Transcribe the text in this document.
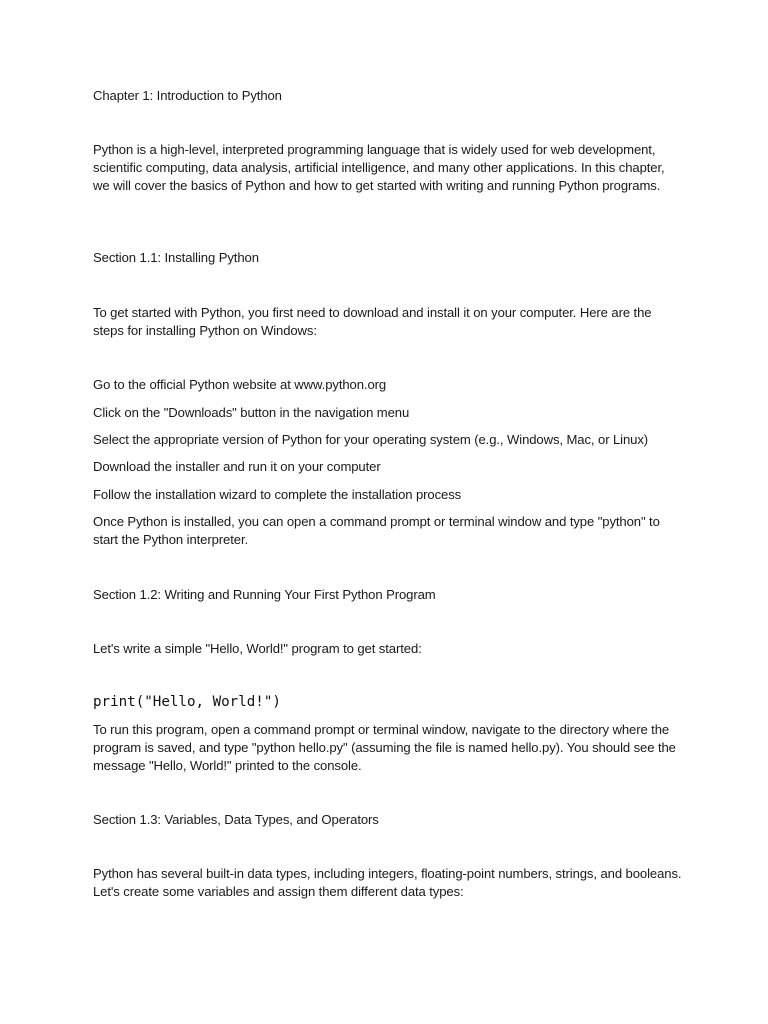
Chapter 1: Introduction to Python

Python is a high-level, interpreted programming language that is widely used for web development, scientific computing, data analysis, artificial intelligence, and many other applications. In this chapter, we will cover the basics of Python and how to get started with writing and running Python programs.

Section 1.1: Installing Python

To get started with Python, you first need to download and install it on your computer. Here are the steps for installing Python on Windows:

Go to the official Python website at www.python.org

Click on the "Downloads" button in the navigation menu

Select the appropriate version of Python for your operating system (e.g., Windows, Mac, or Linux)

Download the installer and run it on your computer

Follow the installation wizard to complete the installation process

Once Python is installed, you can open a command prompt or terminal window and type "python" to start the Python interpreter.

Section 1.2: Writing and Running Your First Python Program

Let's write a simple "Hello, World!" program to get started:

print("Hello, World!")

To run this program, open a command prompt or terminal window, navigate to the directory where the program is saved, and type "python hello.py" (assuming the file is named hello.py). You should see the message "Hello, World!" printed to the console.

Section 1.3: Variables, Data Types, and Operators

Python has several built-in data types, including integers, floating-point numbers, strings, and booleans. Let's create some variables and assign them different data types:
